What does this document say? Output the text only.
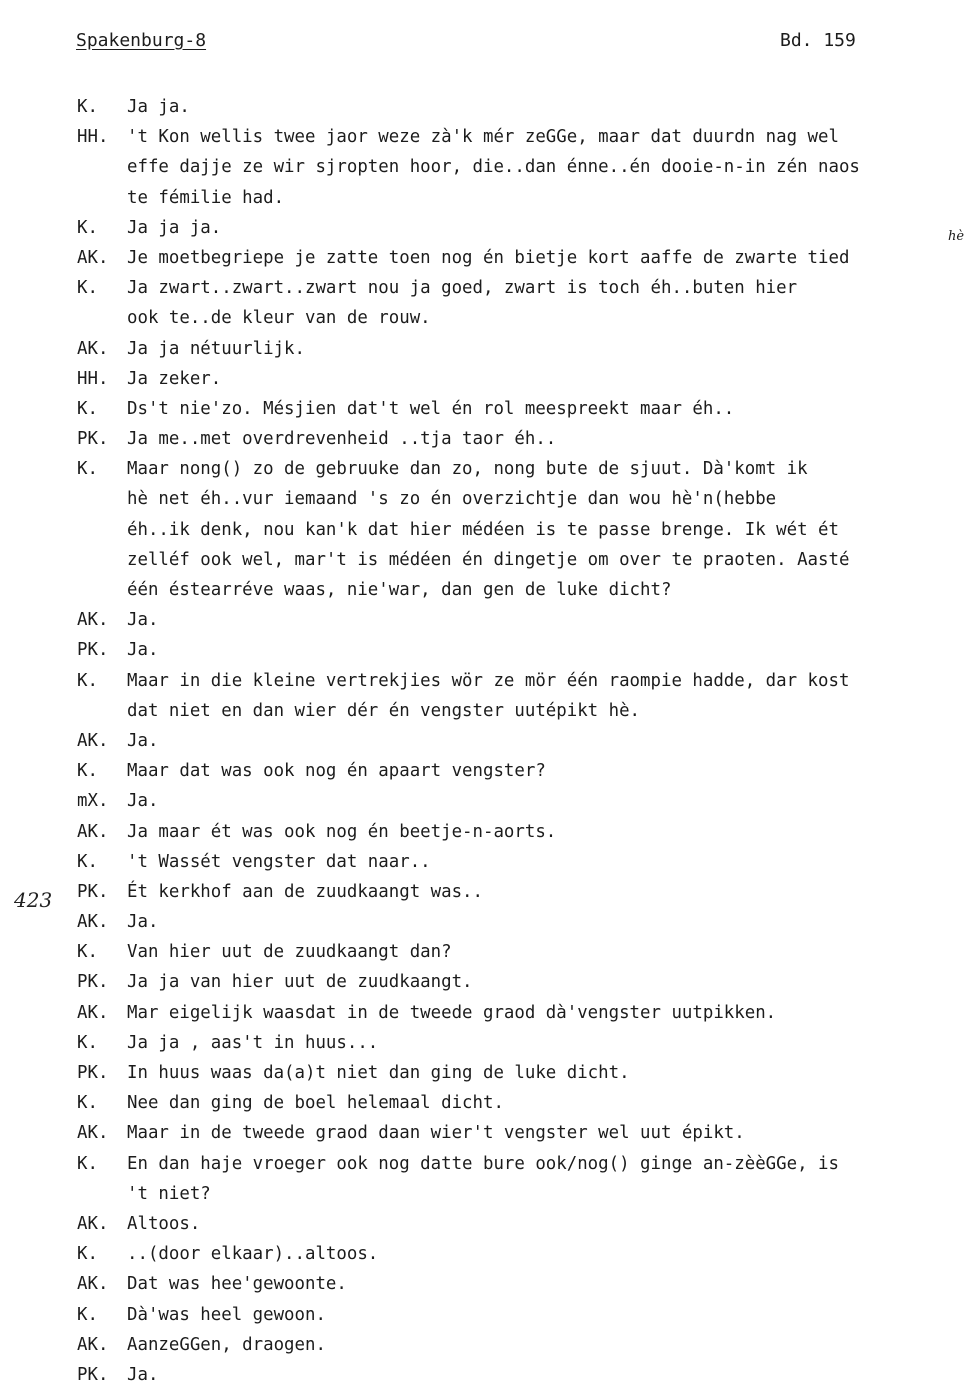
Spakenburg-8	Bd. 159
423
hè
K. Ja ja.
HH. 't Kon wellis twee jaor weze zà'k mér zeGGe, maar dat duurdn nag wel
effe dajje ze wir sjropten hoor, die..dan énne..én dooie-n-in zén naos
te fémilie had.
K. Ja ja ja.
AK. Je moetbegriepe je zatte toen nog én bietje kort aaffe de zwarte tied
K. Ja zwart..zwart..zwart nou ja goed, zwart is toch éh..buten hier
ook te..de kleur van de rouw.
AK. Ja ja nétuurlijk.
HH. Ja zeker.
K. Ds't nie'zo. Mésjien dat't wel én rol meespreekt maar éh..
PK. Ja me..met overdrevenheid ..tja taor éh..
K. Maar nong() zo de gebruuke dan zo, nong bute de sjuut. Dà'komt ik
hè net éh..vur iemaand 's zo én overzichtje dan wou hè'n(hebbe
éh..ik denk, nou kan'k dat hier médéen is te passe brenge. Ik wét ét
zelléf ook wel, mar't is médéen én dingetje om over te praoten. Aasté
één éstearréve waas, nie'war, dan gen de luke dicht?
AK. Ja.
PK. Ja.
K. Maar in die kleine vertrekjies wör ze mör één raompie hadde, dar kost
dat niet en dan wier dér én vengster uutépikt hè.
AK. Ja.
K. Maar dat was ook nog én apaart vengster?
mX. Ja.
AK. Ja maar ét was ook nog én beetje-n-aorts.
K. 't Wassét vengster dat naar..
PK. Ét kerkhof aan de zuudkaangt was..
AK. Ja.
K. Van hier uut de zuudkaangt dan?
PK. Ja ja van hier uut de zuudkaangt.
AK. Mar eigelijk waasdat in de tweede graod dà'vengster uutpikken.
K. Ja ja , aas't in huus...
PK. In huus waas da(a)t niet dan ging de luke dicht.
K. Nee dan ging de boel helemaal dicht.
AK. Maar in de tweede graod daan wier't vengster wel uut épikt.
K. En dan haje vroeger ook nog datte bure ook/nog() ginge an-zèèGGe, is
't niet?
AK. Altoos.
K. ..(door elkaar)..altoos.
AK. Dat was hee'gewoonte.
K. Dà'was heel gewoon.
AK. AanzeGGen, draogen.
PK. Ja.
